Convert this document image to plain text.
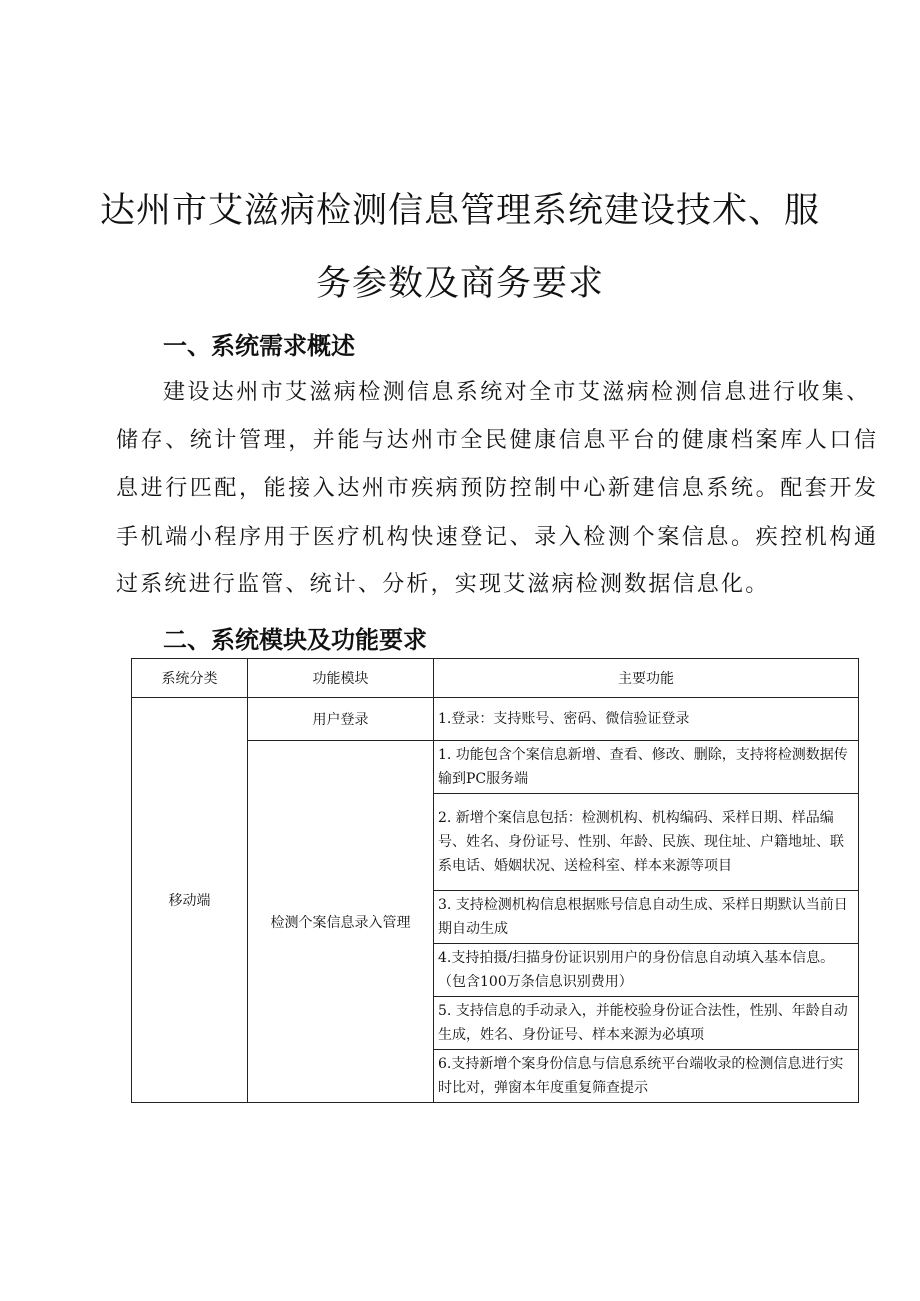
达州市艾滋病检测信息管理系统建设技术、服
务参数及商务要求
一、系统需求概述
建设达州市艾滋病检测信息系统对全市艾滋病检测信息进行收集、
储存、统计管理，并能与达州市全民健康信息平台的健康档案库人口信
息进行匹配，能接入达州市疾病预防控制中心新建信息系统。配套开发
手机端小程序用于医疗机构快速登记、录入检测个案信息。疾控机构通
过系统进行监管、统计、分析，实现艾滋病检测数据信息化。
二、系统模块及功能要求
系统分类	功能模块	主要功能
移动端	用户登录	1.登录：支持账号、密码、微信验证登录
	检测个案信息录入管理	1. 功能包含个案信息新增、查看、修改、删除，支持将检测数据传输到PC服务端
		2. 新增个案信息包括：检测机构、机构编码、采样日期、样品编号、姓名、身份证号、性别、年龄、民族、现住址、户籍地址、联系电话、婚姻状况、送检科室、样本来源等项目
		3. 支持检测机构信息根据账号信息自动生成、采样日期默认当前日期自动生成
		4.支持拍摄/扫描身份证识别用户的身份信息自动填入基本信息。（包含100万条信息识别费用）
		5. 支持信息的手动录入，并能校验身份证合法性，性别、年龄自动生成，姓名、身份证号、样本来源为必填项
		6.支持新增个案身份信息与信息系统平台端收录的检测信息进行实时比对，弹窗本年度重复筛查提示
